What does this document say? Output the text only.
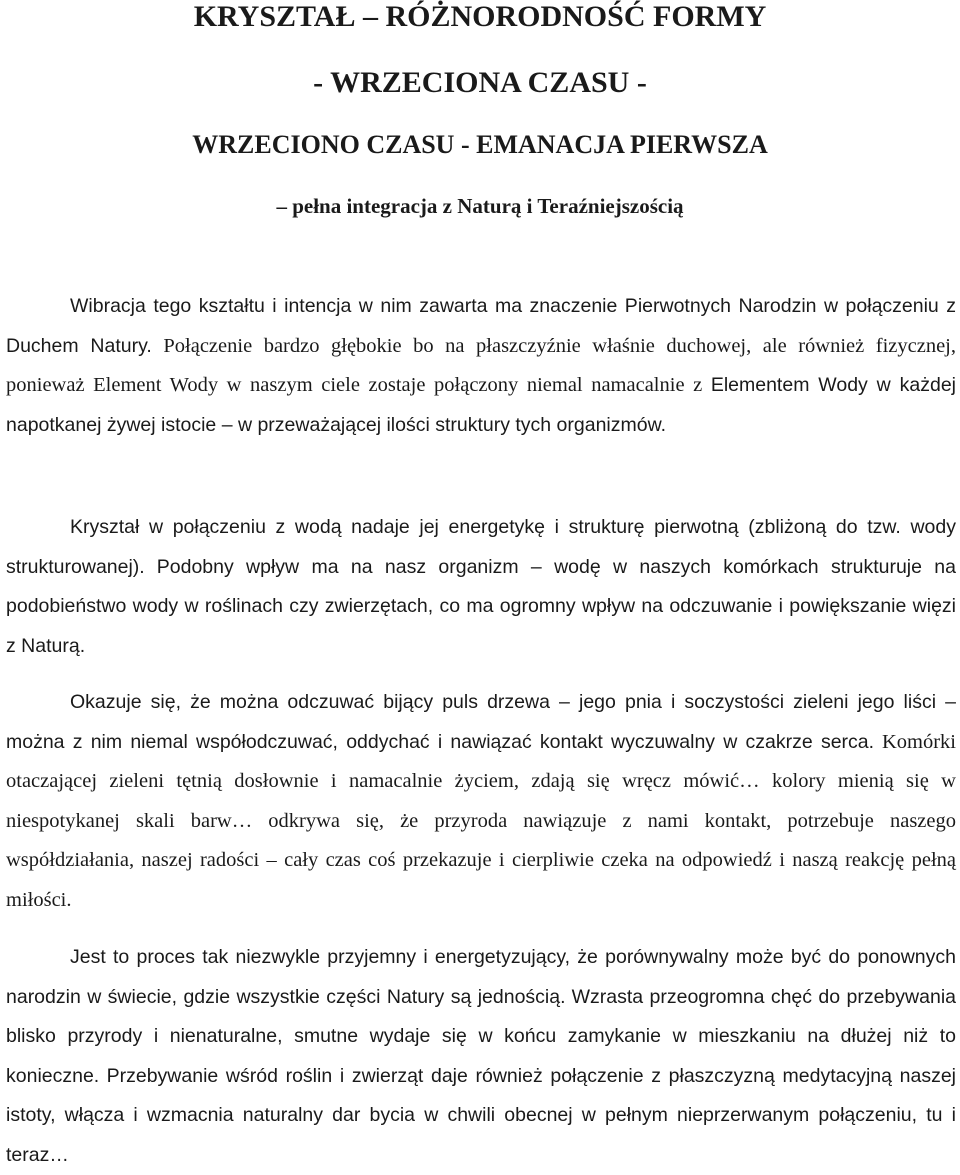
KRYSZTAŁ – RÓŻNORODNOŚĆ FORMY
- WRZECIONA CZASU -
WRZECIONO CZASU - EMANACJA PIERWSZA
– pełna integracja z Naturą i Teraźniejszością

Wibracja tego kształtu i intencja w nim zawarta ma znaczenie Pierwotnych Narodzin w połączeniu z Duchem Natury. Połączenie bardzo głębokie bo na płaszczyźnie właśnie duchowej, ale również fizycznej, ponieważ Element Wody w naszym ciele zostaje połączony niemal namacalnie z Elementem Wody w każdej napotkanej żywej istocie – w przeważającej ilości struktury tych organizmów.

Kryształ w połączeniu z wodą nadaje jej energetykę i strukturę pierwotną (zbliżoną do tzw. wody strukturowanej). Podobny wpływ ma na nasz organizm – wodę w naszych komórkach strukturuje na podobieństwo wody w roślinach czy zwierzętach, co ma ogromny wpływ na odczuwanie i powiększanie więzi z Naturą.

Okazuje się, że można odczuwać bijący puls drzewa – jego pnia i soczystości zieleni jego liści – można z nim niemal współodczuwać, oddychać i nawiązać kontakt wyczuwalny w czakrze serca. Komórki otaczającej zieleni tętnią dosłownie i namacalnie życiem, zdają się wręcz mówić… kolory mienią się w niespotykanej skali barw… odkrywa się, że przyroda nawiązuje z nami kontakt, potrzebuje naszego współdziałania, naszej radości – cały czas coś przekazuje i cierpliwie czeka na odpowiedź i naszą reakcję pełną miłości.

Jest to proces tak niezwykle przyjemny i energetyzujący, że porównywalny może być do ponownych narodzin w świecie, gdzie wszystkie części Natury są jednością. Wzrasta przeogromna chęć do przebywania blisko przyrody i nienaturalne, smutne wydaje się w końcu zamykanie w mieszkaniu na dłużej niż to konieczne. Przebywanie wśród roślin i zwierząt daje również połączenie z płaszczyzną medytacyjną naszej istoty, włącza i wzmacnia naturalny dar bycia w chwili obecnej w pełnym nieprzerwanym połączeniu, tu i teraz…
